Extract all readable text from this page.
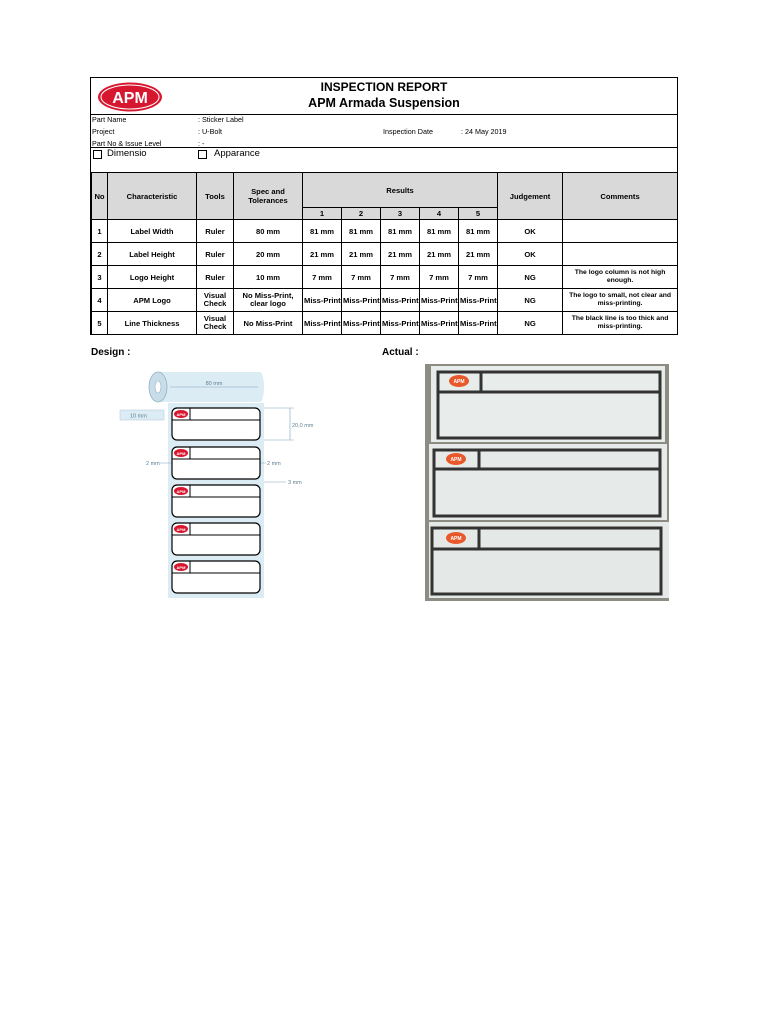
APM
INSPECTION REPORT
APM Armada Suspension
Part Name	: Sticker Label
Project	: U-Bolt	Inspection Date	: 24 May 2019
Part No & Issue Level	: -
Dimensio	Apparance
No	Characteristic	Tools	Spec and Tolerances	Results					Judgement	Comments
				1	2	3	4	5		
1	Label Width	Ruler	80 mm	81 mm	81 mm	81 mm	81 mm	81 mm	OK	
2	Label Height	Ruler	20 mm	21 mm	21 mm	21 mm	21 mm	21 mm	OK	
3	Logo Height	Ruler	10 mm	7 mm	7 mm	7 mm	7 mm	7 mm	NG	The logo column is not high enough.
4	APM Logo	Visual Check	No Miss-Print, clear logo	Miss-Print	Miss-Print	Miss-Print	Miss-Print	Miss-Print	NG	The logo to small, not clear and miss-printing.
5	Line Thickness	Visual Check	No Miss-Print	Miss-Print	Miss-Print	Miss-Print	Miss-Print	Miss-Print	NG	The black line is too thick and miss-printing.
Design :	Actual :
80 mm
10 mm
20,0 mm
2 mm	2 mm
3 mm
APM
APM
APM
APM
APM
APM
APM
APM
